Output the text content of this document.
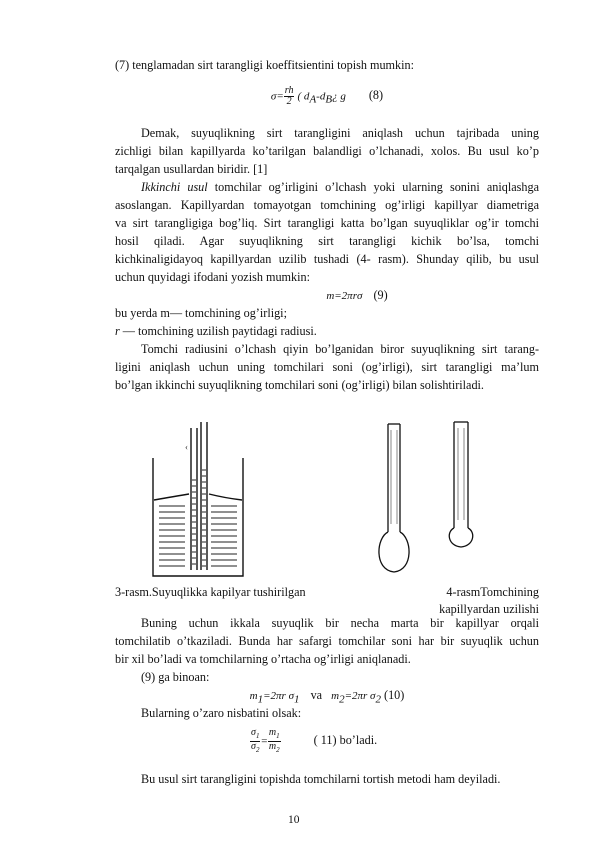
(7) tenglamadan sirt tarangligi koeffitsientini topish mumkin:

$\sigma= \frac{rh}{2}$ ( $d_A-d_B¿$ g (8)
Demak, suyuqlikning sirt tarangligini aniqlash uchun tajribada uning
zichligi bilan kapillyarda ko’tarilgan balandligi o’lchanadi, xolos. Bu usul ko’p
tarqalgan usullardan biridir. [1]
Ikkinchi usul tomchilar og’irligini o’lchash yoki ularning sonini aniqlashga
asoslangan. Kapillyardan tomayotgan tomchining og’irligi kapillyar diametriga
va sirt tarangligiga bog’liq. Sirt tarangligi katta bo’lgan suyuqliklar og’ir tomchi
hosil qiladi. Agar suyuqlikning sirt tarangligi kichik bo’lsa, tomchi
kichkinaligidayoq kapillyardan uzilib tushadi (4- rasm). Shunday qilib, bu usul
uchun quyidagi ifodani yozish mumkin:
m=2πrσ (9)
bu yerda m— tomchining og’irligi;
r — tomchining uzilish paytidagi radiusi.
Tomchi radiusini o’lchash qiyin bo’lganidan biror suyuqlikning sirt tarang-
ligini aniqlash uchun uning tomchilari soni (og’irligi), sirt tarangligi ma’lum
bo’lgan ikkinchi suyuqlikning tomchilari soni (og’irligi) bilan solishtiriladi.
‹
3-rasm.Suyuqlikka kapilyar tushirilgan	4-rasmTomchining
kapillyardan uzilishi
Buning uchun ikkala suyuqlik bir necha marta bir kapillyar orqali
tomchilatib o’tkaziladi. Bunda har safargi tomchilar soni har bir suyuqlik uchun
bir xil bo’ladi va tomchilarning o’rtacha og’irligi aniqlanadi.
(9) ga binoan:
$m_1=2\pi r$ $\sigma_1$ va $m_2=2\pi r$ $\sigma_2$ (10)
Bularning o’zaro nisbatini olsak:
$\frac{\sigma_1}{\sigma_2} = \frac{m_1}{m_2}$	( 11) bo’ladi.
Bu usul sirt tarangligini topishda tomchilarni tortish metodi ham deyiladi.
10
